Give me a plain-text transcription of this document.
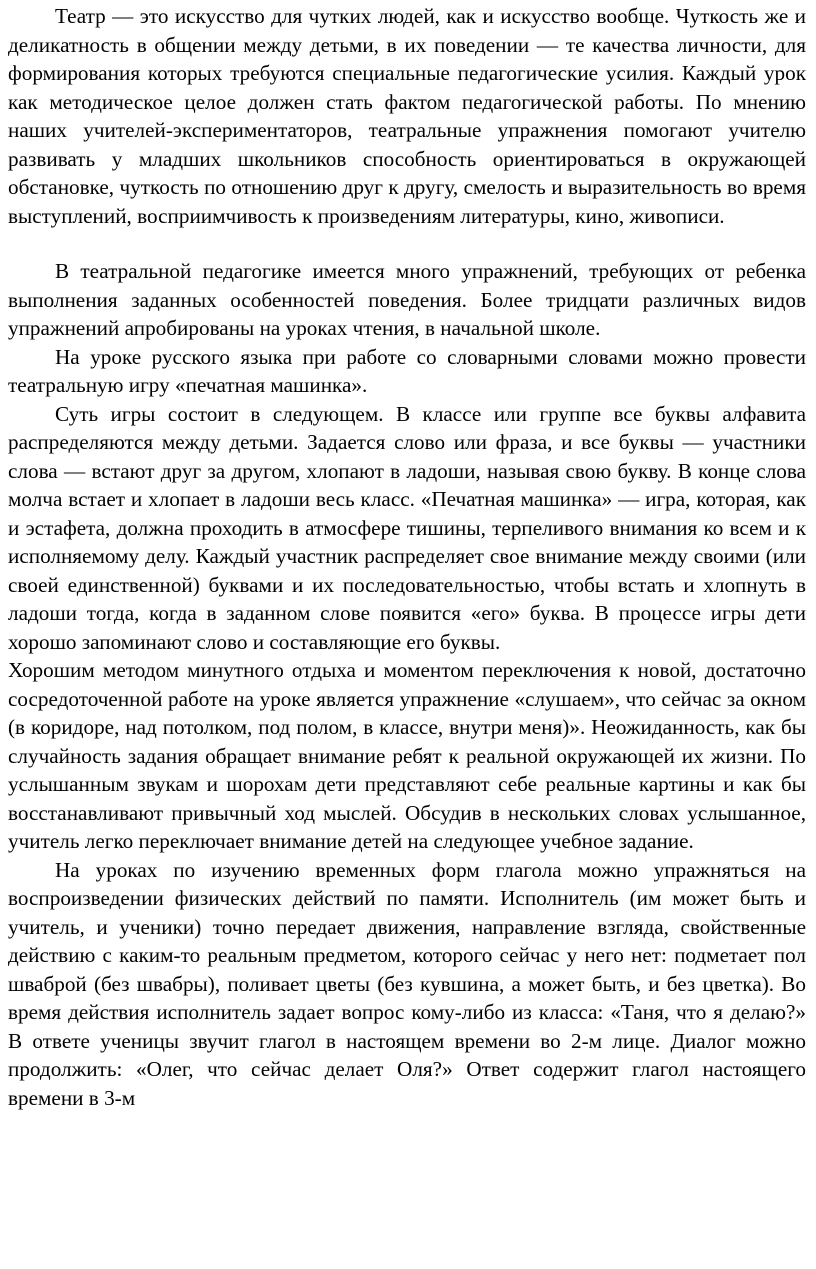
Театр — это искусство для чутких людей, как и искусство вообще. Чуткость же и деликатность в общении между детьми, в их поведении — те качества личности, для формирования которых требуются специальные педагогические усилия. Каждый урок как методическое целое должен стать фактом педагогической работы. По мнению наших учителей-экспериментаторов, театральные упражнения помогают учителю развивать у младших школьников способность ориентироваться в окружающей обстановке, чуткость по отношению друг к другу, смелость и выразительность во время выступлений, восприимчивость к произведениям литературы, кино, живописи.

В театральной педагогике имеется много упражнений, требующих от ребенка выполнения заданных особенностей поведения. Более тридцати различных видов упражнений апробированы на уроках чтения, в начальной школе.

На уроке русского языка при работе со словарными словами можно провести театральную игру «печатная машинка».

Суть игры состоит в следующем. В классе или группе все буквы алфавита распределяются между детьми. Задается слово или фраза, и все буквы — участники слова — встают друг за другом, хлопают в ладоши, называя свою букву. В конце слова молча встает и хлопает в ладоши весь класс. «Печатная машинка» — игра, которая, как и эстафета, должна проходить в атмосфере тишины, терпеливого внимания ко всем и к исполняемому делу. Каждый участник распределяет свое внимание между своими (или своей единственной) буквами и их последовательностью, чтобы встать и хлопнуть в ладоши тогда, когда в заданном слове появится «его» буква. В процессе игры дети хорошо запоминают слово и составляющие его буквы.

Хорошим методом минутного отдыха и моментом переключения к новой, достаточно сосредоточенной работе на уроке является упражнение «слушаем», что сейчас за окном (в коридоре, над потолком, под полом, в классе, внутри меня)». Неожиданность, как бы случайность задания обращает внимание ребят к реальной окружающей их жизни. По услышанным звукам и шорохам дети представляют себе реальные картины и как бы восстанавливают привычный ход мыслей. Обсудив в нескольких словах услышанное, учитель легко переключает внимание детей на следующее учебное задание.

На уроках по изучению временных форм глагола можно упражняться на воспроизведении физических действий по памяти. Исполнитель (им может быть и учитель, и ученики) точно передает движения, направление взгляда, свойственные действию с каким-то реальным предметом, которого сейчас у него нет: подметает пол шваброй (без швабры), поливает цветы (без кувшина, а может быть, и без цветка). Во время действия исполнитель задает вопрос кому-либо из класса: «Таня, что я делаю?» В ответе ученицы звучит глагол в настоящем времени во 2-м лице. Диалог можно продолжить: «Олег, что сейчас делает Оля?» Ответ содержит глагол настоящего времени в 3-м
